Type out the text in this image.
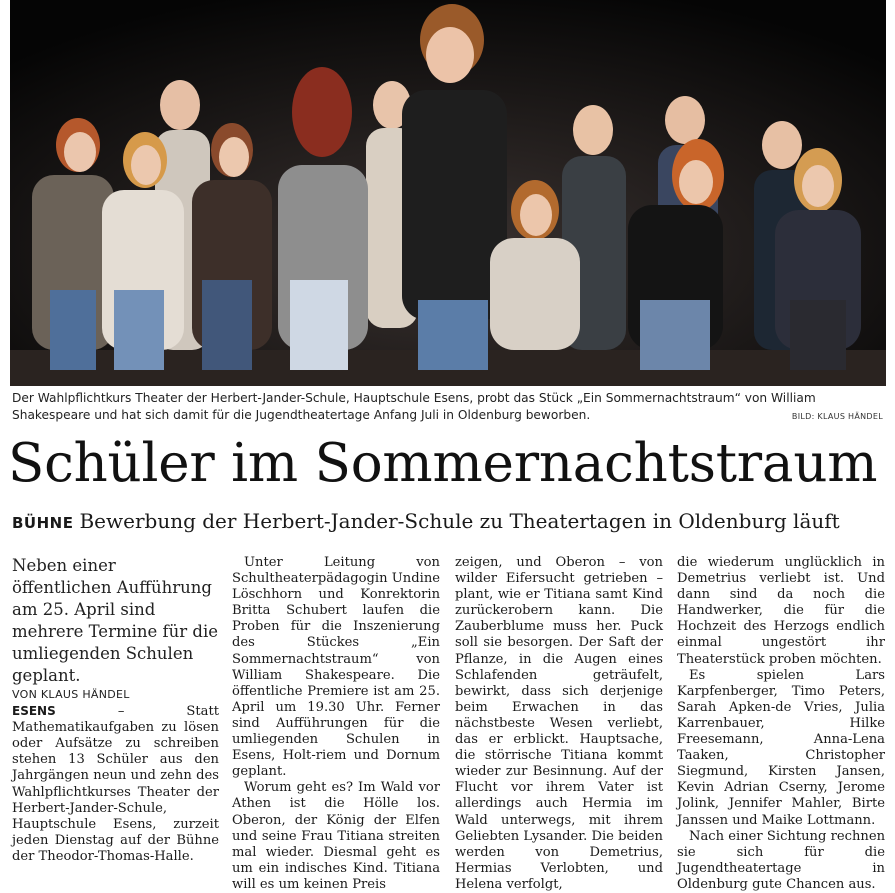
Der Wahlpflichtkurs Theater der Herbert-Jander-Schule, Hauptschule Esens, probt das Stück „Ein Sommernachtstraum“ von William Shakespeare und hat sich damit für die Jugendtheatertage Anfang Juli in Oldenburg beworben.	BILD: KLAUS HÄNDEL
Schüler im Sommernachtstraum
BÜHNE Bewerbung der Herbert-Jander-Schule zu Theatertagen in Oldenburg läuft

Neben einer öffentlichen Aufführung am 25. April sind mehrere Termine für die umliegenden Schulen geplant.

VON KLAUS HÄNDEL

ESENS	– Statt Mathematikaufgaben zu lösen oder Aufsätze zu schreiben stehen 13 Schüler aus den Jahrgängen neun und zehn des Wahlpflichtkurses Theater der Herbert-Jander-Schule, Hauptschule Esens, zurzeit jeden Dienstag auf der Bühne der Theodor-Thomas-Halle.

Unter Leitung von Schultheaterpädagogin Undine Löschhorn und Konrektorin Britta Schubert laufen die Proben für die Inszenierung des Stückes „Ein Sommernachtstraum“ von William Shakespeare. Die öffentliche Premiere ist am 25. April um 19.30 Uhr. Ferner sind Aufführungen für die umliegenden Schulen in Esens, Holt-riem und Dornum geplant.

Worum geht es? Im Wald vor Athen ist die Hölle los. Oberon, der König der Elfen und seine Frau Titiana streiten mal wieder. Diesmal geht es um ein indisches Kind. Titiana will es um keinen Preis

zeigen, und Oberon – von wilder Eifersucht getrieben – plant, wie er Titiana samt Kind zurückerobern kann. Die Zauberblume muss her. Puck soll sie besorgen. Der Saft der Pflanze, in die Augen eines Schlafenden geträufelt, bewirkt, dass sich derjenige beim Erwachen in das nächstbeste Wesen verliebt, das er erblickt. Hauptsache, die störrische Titiana kommt wieder zur Besinnung. Auf der Flucht vor ihrem Vater ist allerdings auch Hermia im Wald unterwegs, mit ihrem Geliebten Lysander. Die beiden werden von Demetrius, Hermias Verlobten, und Helena verfolgt,

die wiederum unglücklich in Demetrius verliebt ist. Und dann sind da noch die Handwerker, die für die Hochzeit des Herzogs endlich einmal ungestört ihr Theaterstück proben möchten.

Es spielen Lars Karpfenberger, Timo Peters, Sarah Apken-de Vries, Julia Karrenbauer, Hilke Freesemann, Anna-Lena Taaken, Christopher Siegmund, Kirsten Jansen, Kevin Adrian Cserny, Jerome Jolink, Jennifer Mahler, Birte Janssen und Maike Lottmann.

Nach einer Sichtung rechnen sie sich für die Jugendtheatertage in Oldenburg gute Chancen aus.
